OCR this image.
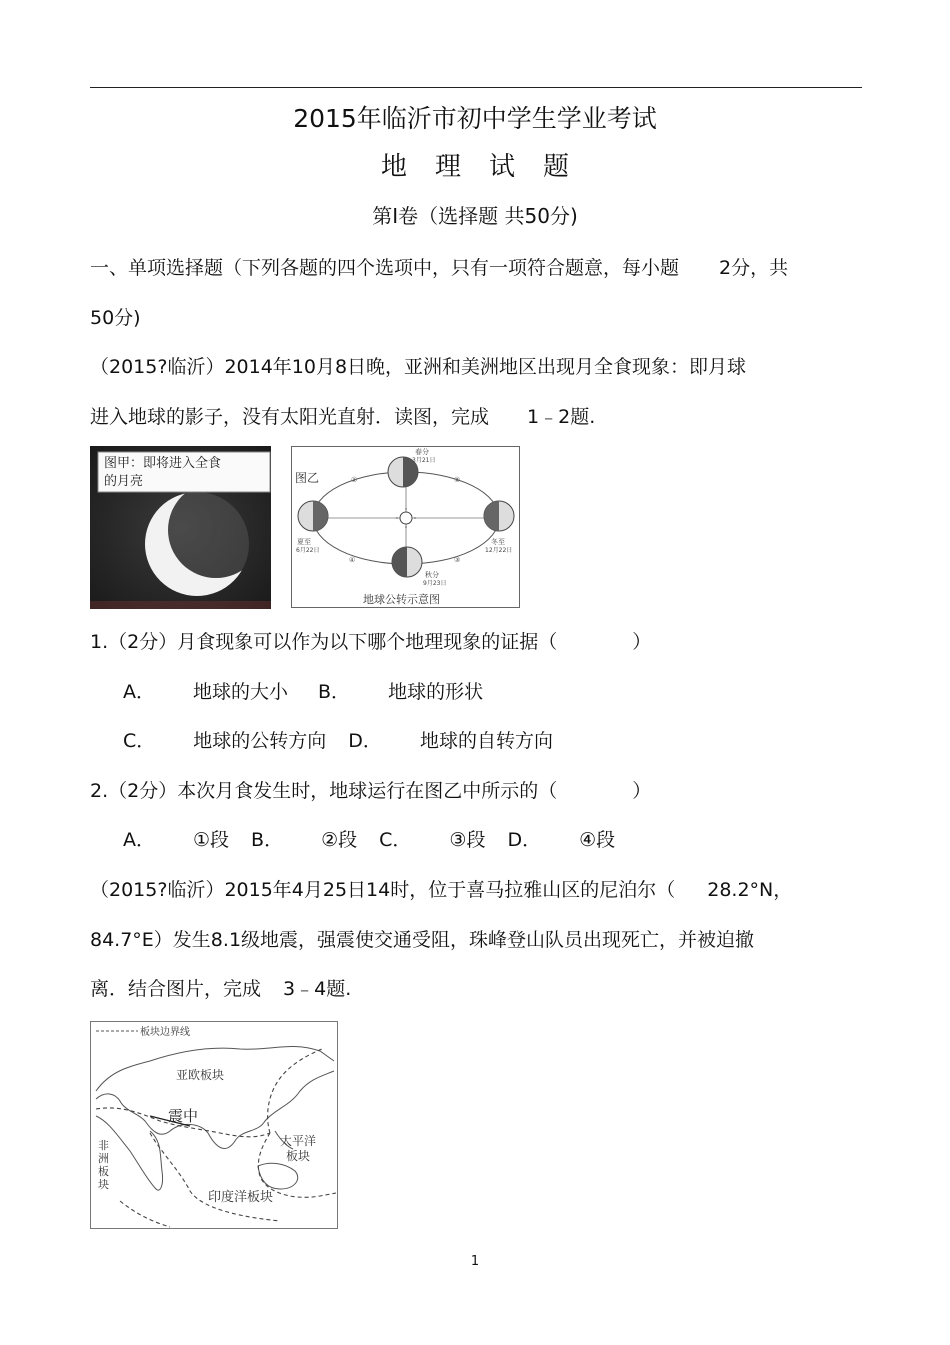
2015年临沂市初中学生学业考试
地理试题
第Ⅰ卷（选择题 共50分)
一、单项选择题（下列各题的四个选项中，只有一项符合题意，每小题 2分，共
50分)
（2015?临沂）2014年10月8日晚，亚洲和美洲地区出现月全食现象：即月球
进入地球的影子，没有太阳光直射．读图，完成 1﹣2题.
图甲：即将进入全食
的月亮	图乙
春分
3月21日
夏至
6月22日
冬至
12月22日
秋分
9月23日
①	②
③
④
地球公转示意图
1.（2分）月食现象可以作为以下哪个地理现象的证据（	）
A． 地球的大小 B． 地球的形状
C． 地球的公转方向 D． 地球的自转方向
2.（2分）本次月食发生时，地球运行在图乙中所示的（	）
A． ①段 B． ②段 C． ③段 D． ④段
（2015?临沂）2015年4月25日14时，位于喜马拉雅山区的尼泊尔（ 28.2°N，
84.7°E）发生8.1级地震，强震使交通受阻，珠峰登山队员出现死亡，并被迫撤
离．结合图片，完成 3﹣4题.
板块边界线
亚欧板块
震中
非
洲
板
块
太平洋
板块
印度洋板块
1
